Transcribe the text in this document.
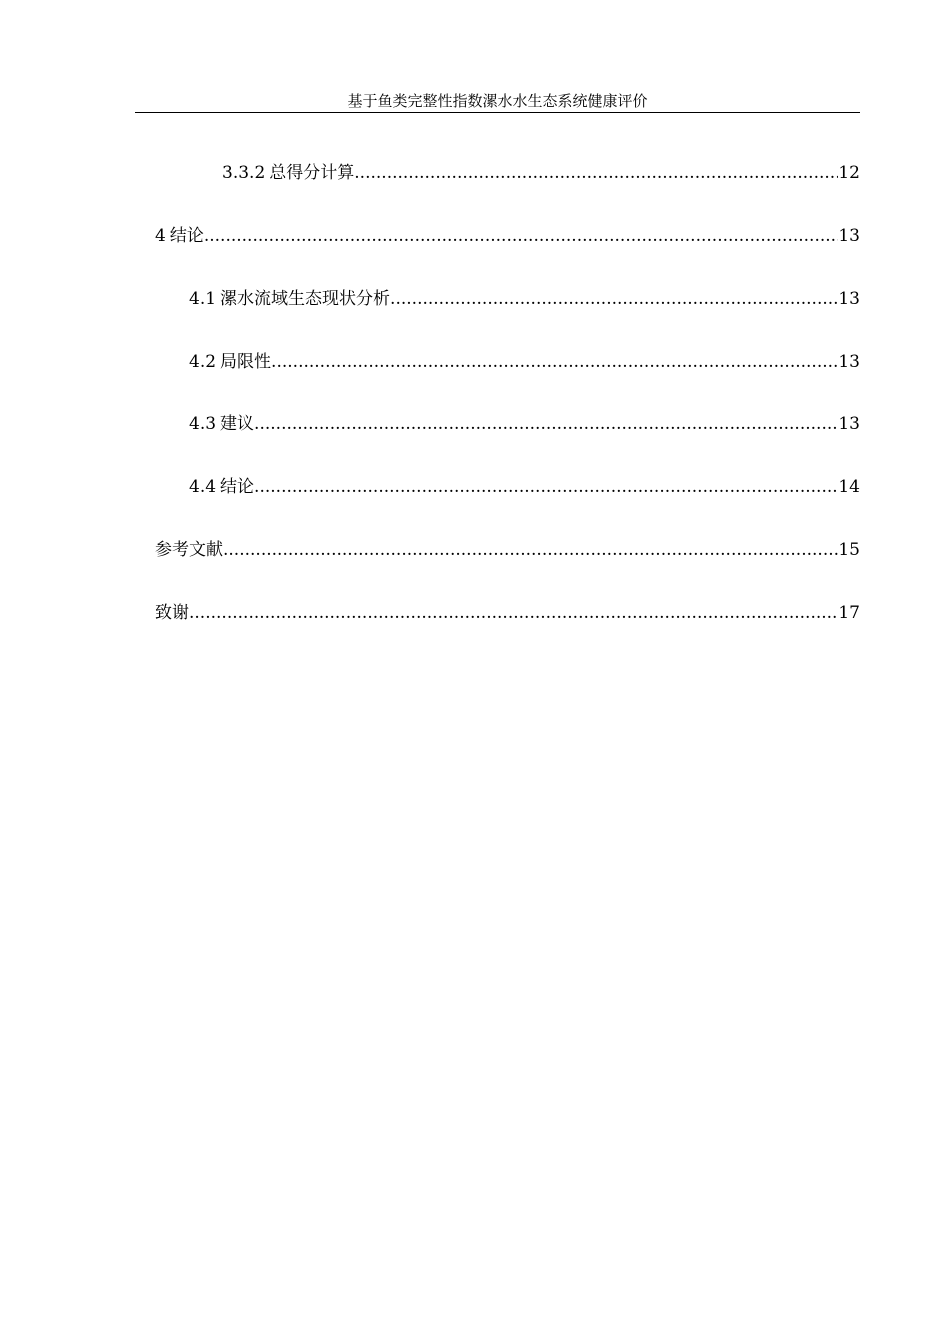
基于鱼类完整性指数漯水水生态系统健康评价
3.3.2 总得分计算 .....	12
4 结论 .....	13
4.1 漯水流域生态现状分析 .....	13
4.2 局限性 .....	13
4.3 建议 .....	13
4.4 结论 .....	14
参考文献 .....	15
致谢 .....	17
